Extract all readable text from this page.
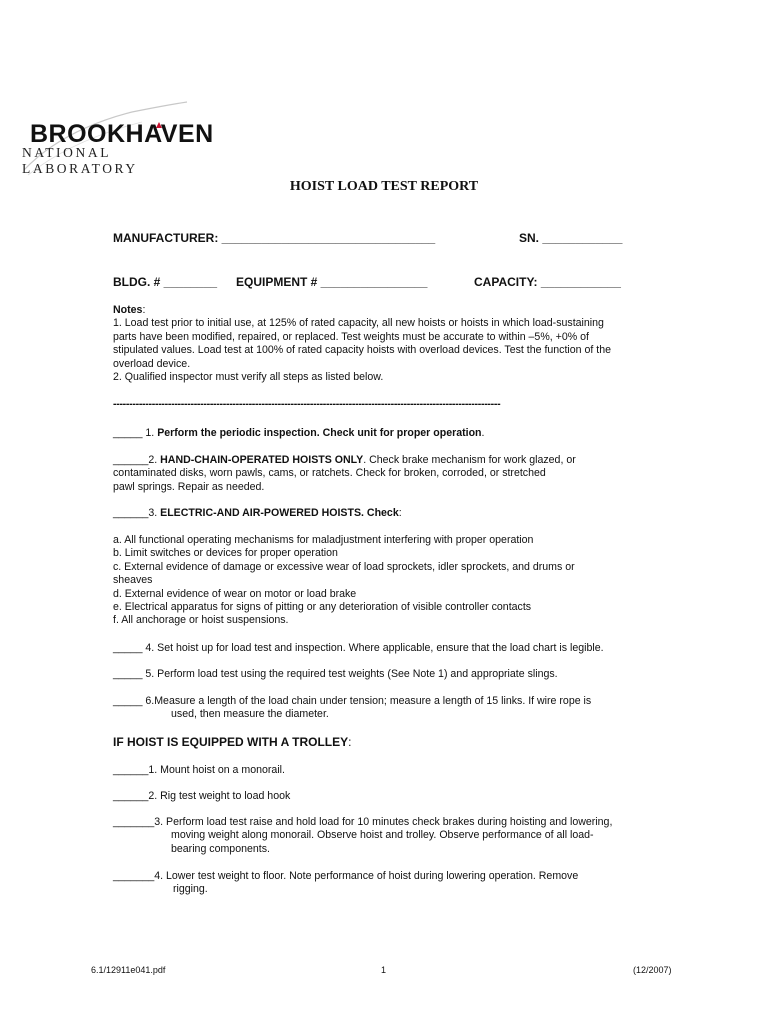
BROOKHAVEN
NATIONAL LABORATORY
HOIST LOAD TEST REPORT
MANUFACTURER: ________________________________	SN. ____________
BLDG. # ________ EQUIPMENT # ________________	CAPACITY: ____________
Notes:
1. Load test prior to initial use, at 125% of rated capacity, all new hoists or hoists in which load-sustaining
parts have been modified, repaired, or replaced. Test weights must be accurate to within –5%, +0% of
stipulated values. Load test at 100% of rated capacity hoists with overload devices. Test the function of the
overload device.
2. Qualified inspector must verify all steps as listed below.
------------------------------------------------------------------------------------------------------------------------
_____ 1. Perform the periodic inspection. Check unit for proper operation.
______2. HAND-CHAIN-OPERATED HOISTS ONLY. Check brake mechanism for work glazed, or
contaminated disks, worn pawls, cams, or ratchets. Check for broken, corroded, or stretched
pawl springs. Repair as needed.
______3. ELECTRIC-AND AIR-POWERED HOISTS. Check:
a. All functional operating mechanisms for maladjustment interfering with proper operation
b. Limit switches or devices for proper operation
c. External evidence of damage or excessive wear of load sprockets, idler sprockets, and drums or
sheaves
d. External evidence of wear on motor or load brake
e. Electrical apparatus for signs of pitting or any deterioration of visible controller contacts
f. All anchorage or hoist suspensions.
_____ 4. Set hoist up for load test and inspection. Where applicable, ensure that the load chart is legible.
_____ 5. Perform load test using the required test weights (See Note 1) and appropriate slings.
_____ 6.Measure a length of the load chain under tension; measure a length of 15 links. If wire rope is
used, then measure the diameter.
IF HOIST IS EQUIPPED WITH A TROLLEY:
______1. Mount hoist on a monorail.
______2. Rig test weight to load hook
_______3. Perform load test raise and hold load for 10 minutes check brakes during hoisting and lowering,
moving weight along monorail. Observe hoist and trolley. Observe performance of all load-
bearing components.
_______4. Lower test weight to floor. Note performance of hoist during lowering operation. Remove
rigging.
6.1/12911e041.pdf	1	(12/2007)
